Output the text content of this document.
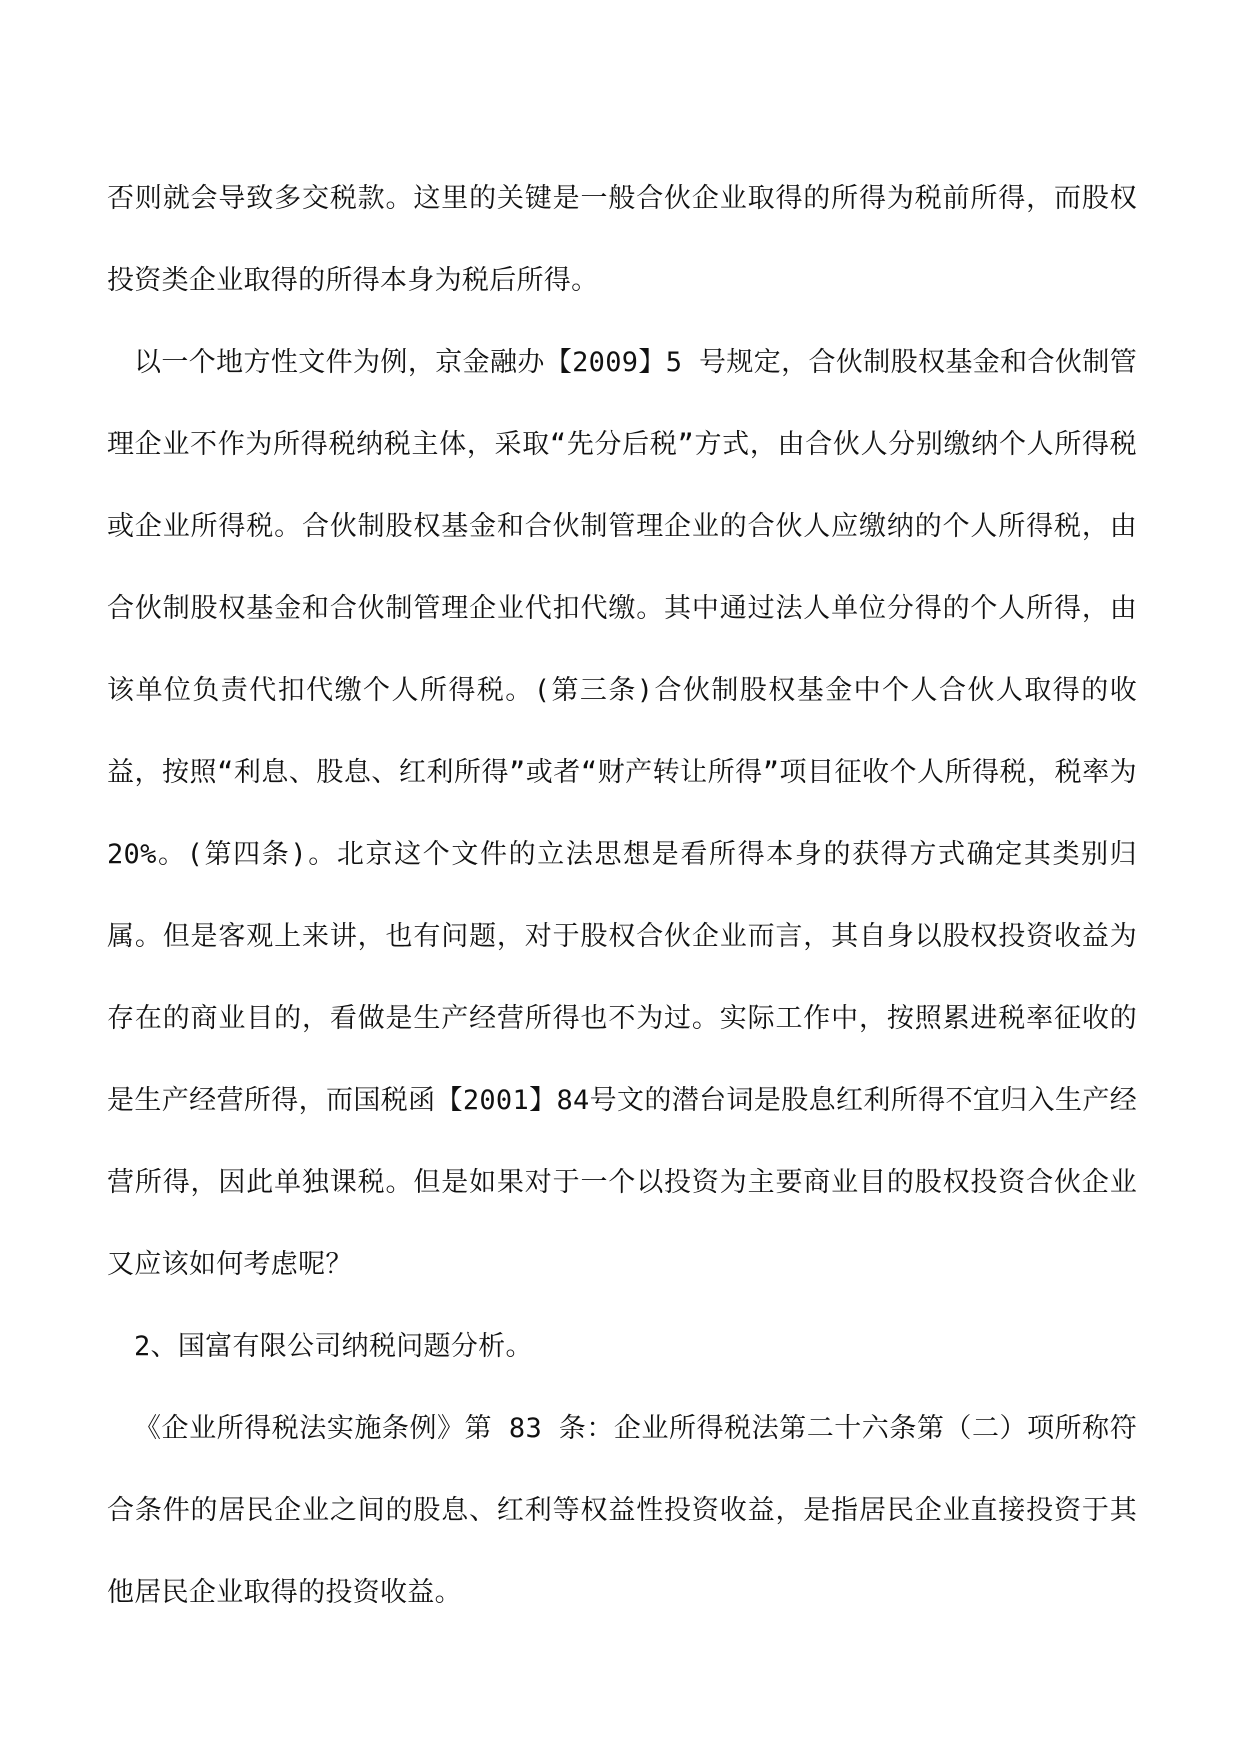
否则就会导致多交税款。这里的关键是一般合伙企业取得的所得为税前所得，而股权投资类企业取得的所得本身为税后所得。

以一个地方性文件为例，京金融办【2009】5 号规定，合伙制股权基金和合伙制管理企业不作为所得税纳税主体，采取“先分后税”方式，由合伙人分别缴纳个人所得税或企业所得税。合伙制股权基金和合伙制管理企业的合伙人应缴纳的个人所得税，由合伙制股权基金和合伙制管理企业代扣代缴。其中通过法人单位分得的个人所得，由该单位负责代扣代缴个人所得税。(第三条)合伙制股权基金中个人合伙人取得的收益，按照“利息、股息、红利所得”或者“财产转让所得”项目征收个人所得税，税率为 20%。(第四条)。北京这个文件的立法思想是看所得本身的获得方式确定其类别归属。但是客观上来讲，也有问题，对于股权合伙企业而言，其自身以股权投资收益为存在的商业目的，看做是生产经营所得也不为过。实际工作中，按照累进税率征收的是生产经营所得，而国税函【2001】84号文的潜台词是股息红利所得不宜归入生产经营所得，因此单独课税。但是如果对于一个以投资为主要商业目的股权投资合伙企业又应该如何考虑呢？

2、国富有限公司纳税问题分析。

《企业所得税法实施条例》第 83 条：企业所得税法第二十六条第（二）项所称符合条件的居民企业之间的股息、红利等权益性投资收益，是指居民企业直接投资于其他居民企业取得的投资收益。
